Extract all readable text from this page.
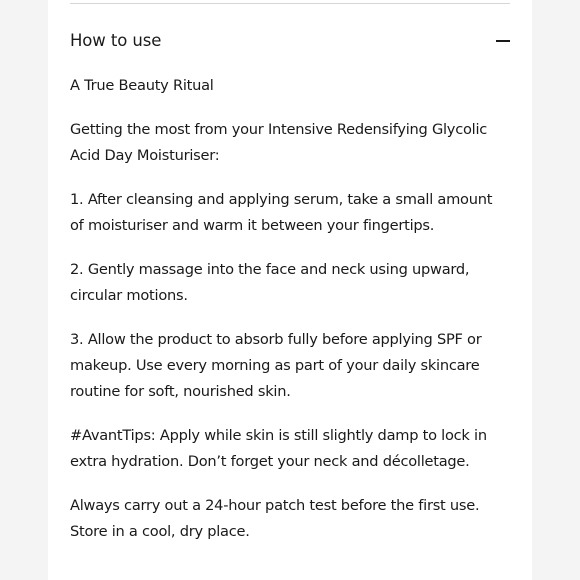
How to use

A True Beauty Ritual

Getting the most from your Intensive Redensifying Glycolic Acid Day Moisturiser:

1. After cleansing and applying serum, take a small amount of moisturiser and warm it between your fingertips.

2. Gently massage into the face and neck using upward, circular motions.

3. Allow the product to absorb fully before applying SPF or makeup. Use every morning as part of your daily skincare routine for soft, nourished skin.

#AvantTips: Apply while skin is still slightly damp to lock in extra hydration. Don’t forget your neck and décolletage.

Always carry out a 24-hour patch test before the first use. Store in a cool, dry place.
